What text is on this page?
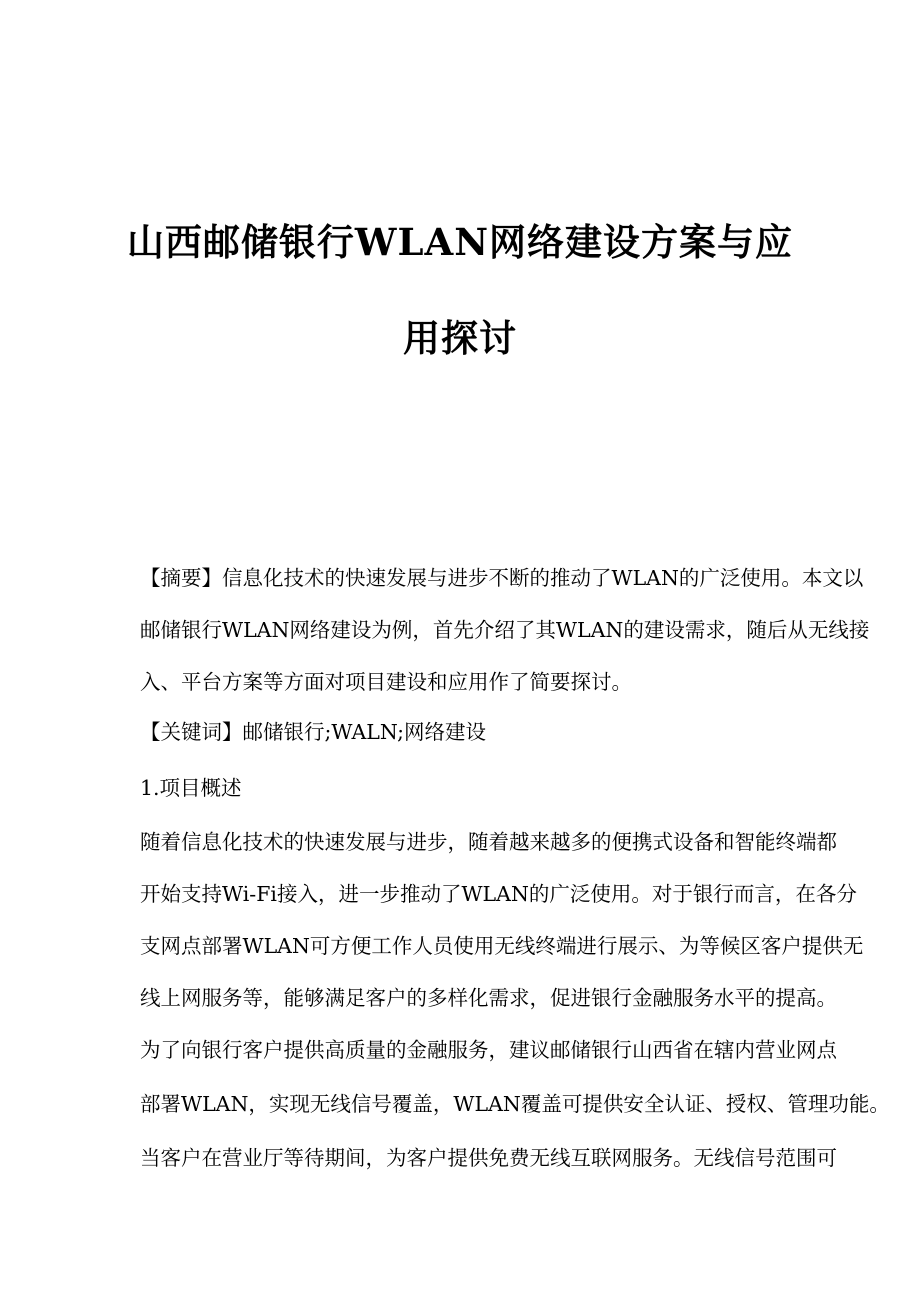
山西邮储银行WLAN网络建设方案与应
用探讨
【摘要】信息化技术的快速发展与进步不断的推动了WLAN的广泛使用。本文以
邮储银行WLAN网络建设为例，首先介绍了其WLAN的建设需求，随后从无线接
入、平台方案等方面对项目建设和应用作了简要探讨。
【关键词】邮储银行;WALN;网络建设
1.项目概述
随着信息化技术的快速发展与进步，随着越来越多的便携式设备和智能终端都
开始支持Wi-Fi接入，进一步推动了WLAN的广泛使用。对于银行而言，在各分
支网点部署WLAN可方便工作人员使用无线终端进行展示、为等候区客户提供无
线上网服务等，能够满足客户的多样化需求，促进银行金融服务水平的提高。
为了向银行客户提供高质量的金融服务，建议邮储银行山西省在辖内营业网点
部署WLAN，实现无线信号覆盖，WLAN覆盖可提供安全认证、授权、管理功能。
当客户在营业厅等待期间，为客户提供免费无线互联网服务。无线信号范围可
